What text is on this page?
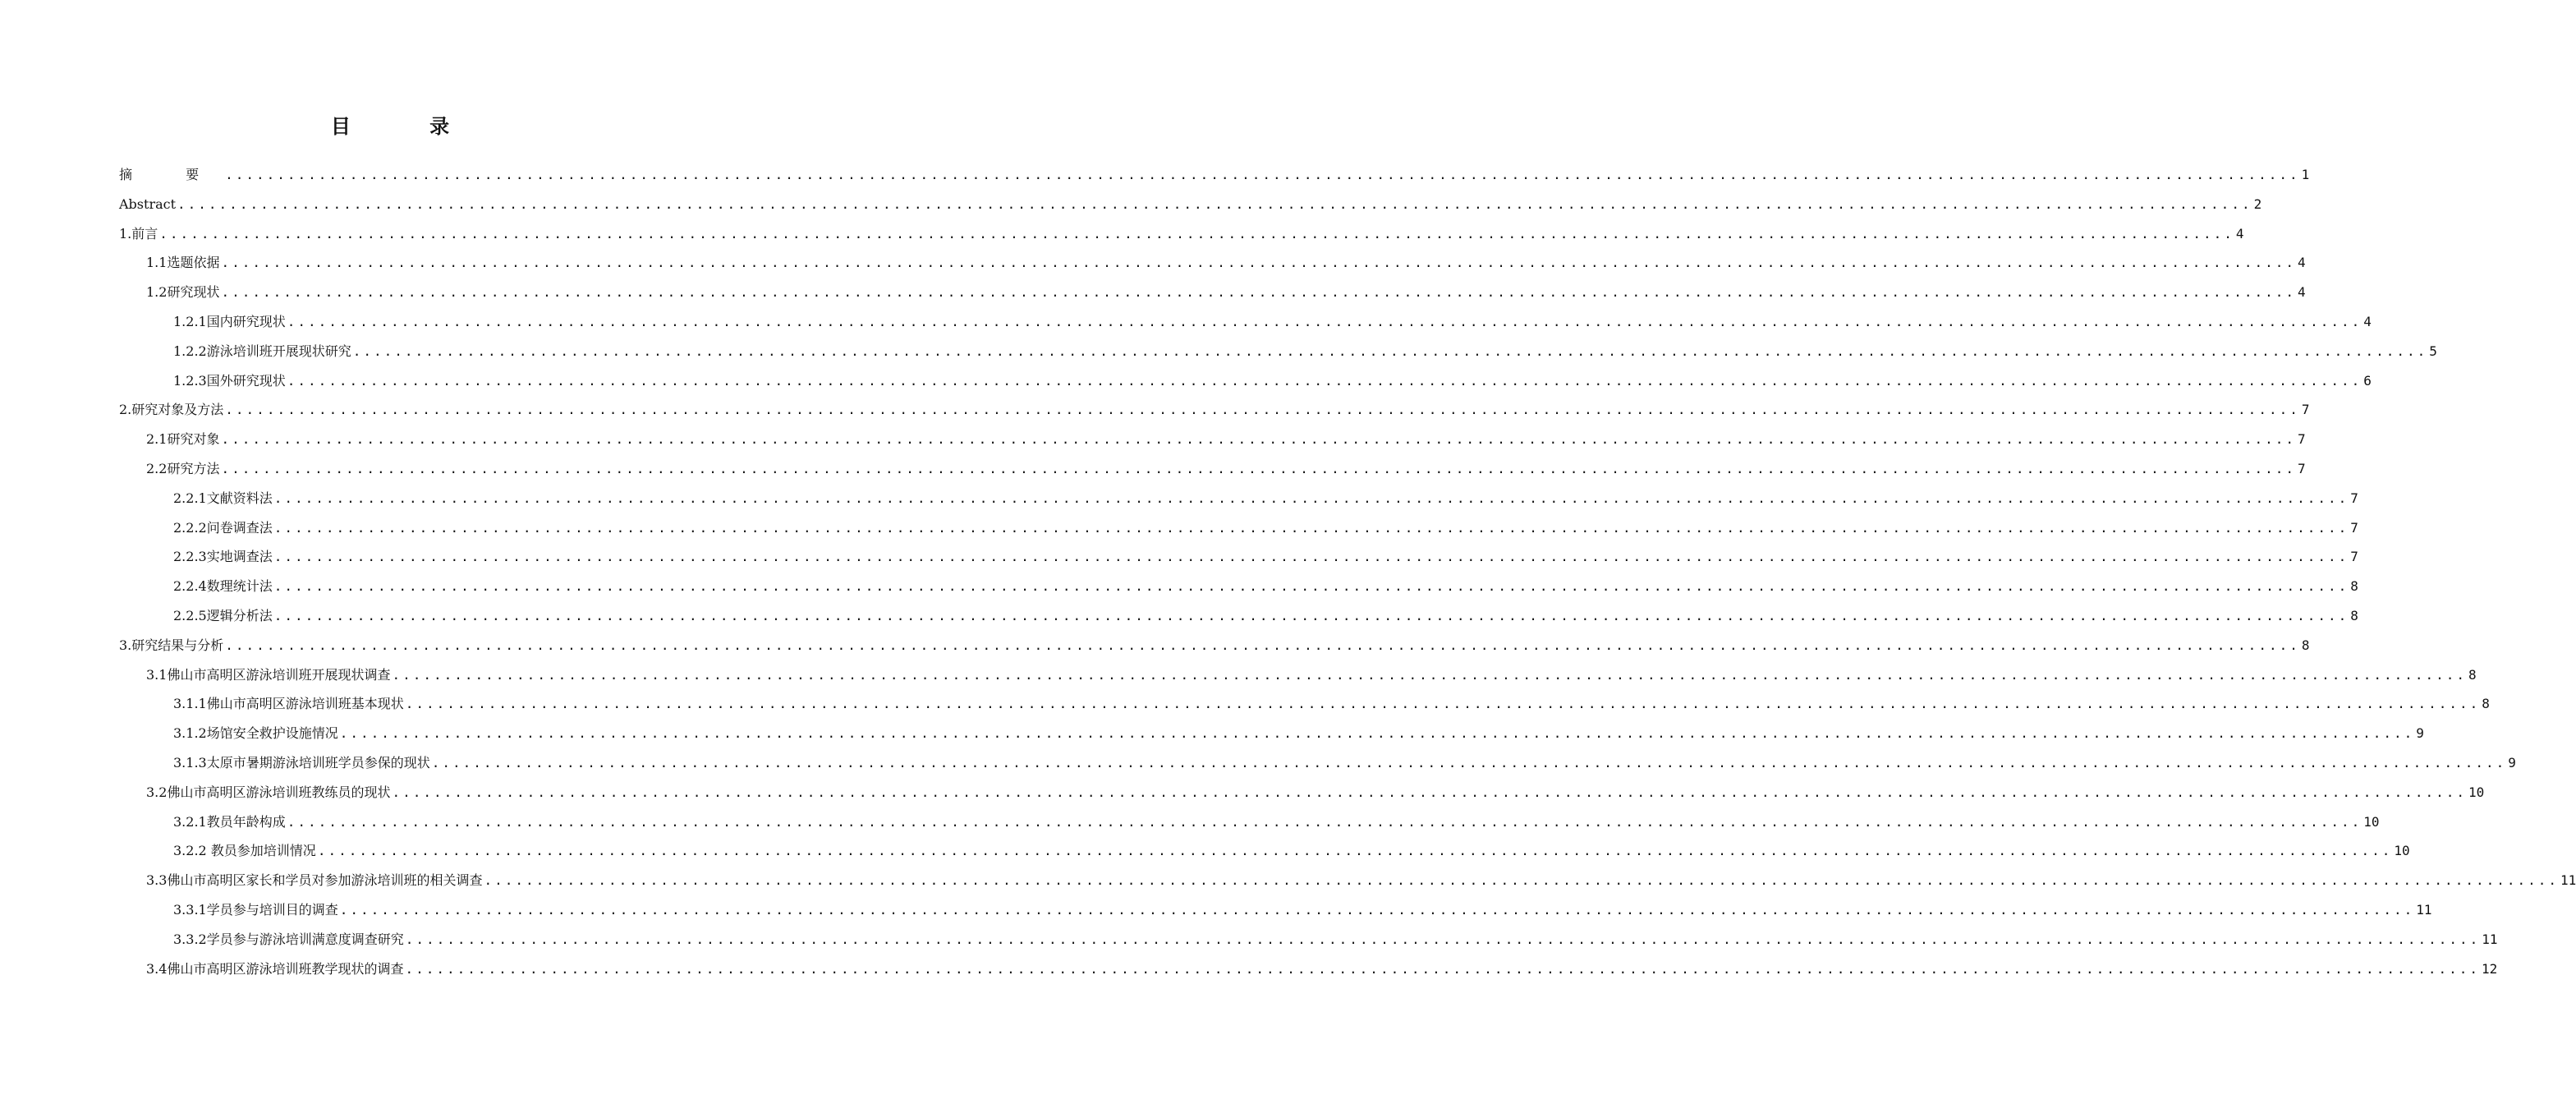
目 录
摘 要 ........................................................................................................................................................................................................ 1
Abstract ........................................................................................................................................................................................................ 2
1.前言 ........................................................................................................................................................................................................ 4
1.1选题依据 ........................................................................................................................................................................................................ 4
1.2研究现状 ........................................................................................................................................................................................................ 4
1.2.1国内研究现状 ........................................................................................................................................................................................................ 4
1.2.2游泳培训班开展现状研究 ........................................................................................................................................................................................................ 5
1.2.3国外研究现状 ........................................................................................................................................................................................................ 6
2.研究对象及方法 ........................................................................................................................................................................................................ 7
2.1研究对象 ........................................................................................................................................................................................................ 7
2.2研究方法 ........................................................................................................................................................................................................ 7
2.2.1文献资料法 ........................................................................................................................................................................................................ 7
2.2.2问卷调查法 ........................................................................................................................................................................................................ 7
2.2.3实地调查法 ........................................................................................................................................................................................................ 7
2.2.4数理统计法 ........................................................................................................................................................................................................ 8
2.2.5逻辑分析法 ........................................................................................................................................................................................................ 8
3.研究结果与分析 ........................................................................................................................................................................................................ 8
3.1佛山市高明区游泳培训班开展现状调查 ........................................................................................................................................................................................................ 8
3.1.1佛山市高明区游泳培训班基本现状 ........................................................................................................................................................................................................ 8
3.1.2场馆安全救护设施情况 ........................................................................................................................................................................................................ 9
3.1.3太原市暑期游泳培训班学员参保的现状 ........................................................................................................................................................................................................ 9
3.2佛山市高明区游泳培训班教练员的现状 ........................................................................................................................................................................................................ 10
3.2.1教员年龄构成 ........................................................................................................................................................................................................ 10
3.2.2 教员参加培训情况 ........................................................................................................................................................................................................ 10
3.3佛山市高明区家长和学员对参加游泳培训班的相关调查 ........................................................................................................................................................................................................ 11
3.3.1学员参与培训目的调查 ........................................................................................................................................................................................................ 11
3.3.2学员参与游泳培训满意度调查研究 ........................................................................................................................................................................................................ 11
3.4佛山市高明区游泳培训班教学现状的调查 ........................................................................................................................................................................................................ 12
